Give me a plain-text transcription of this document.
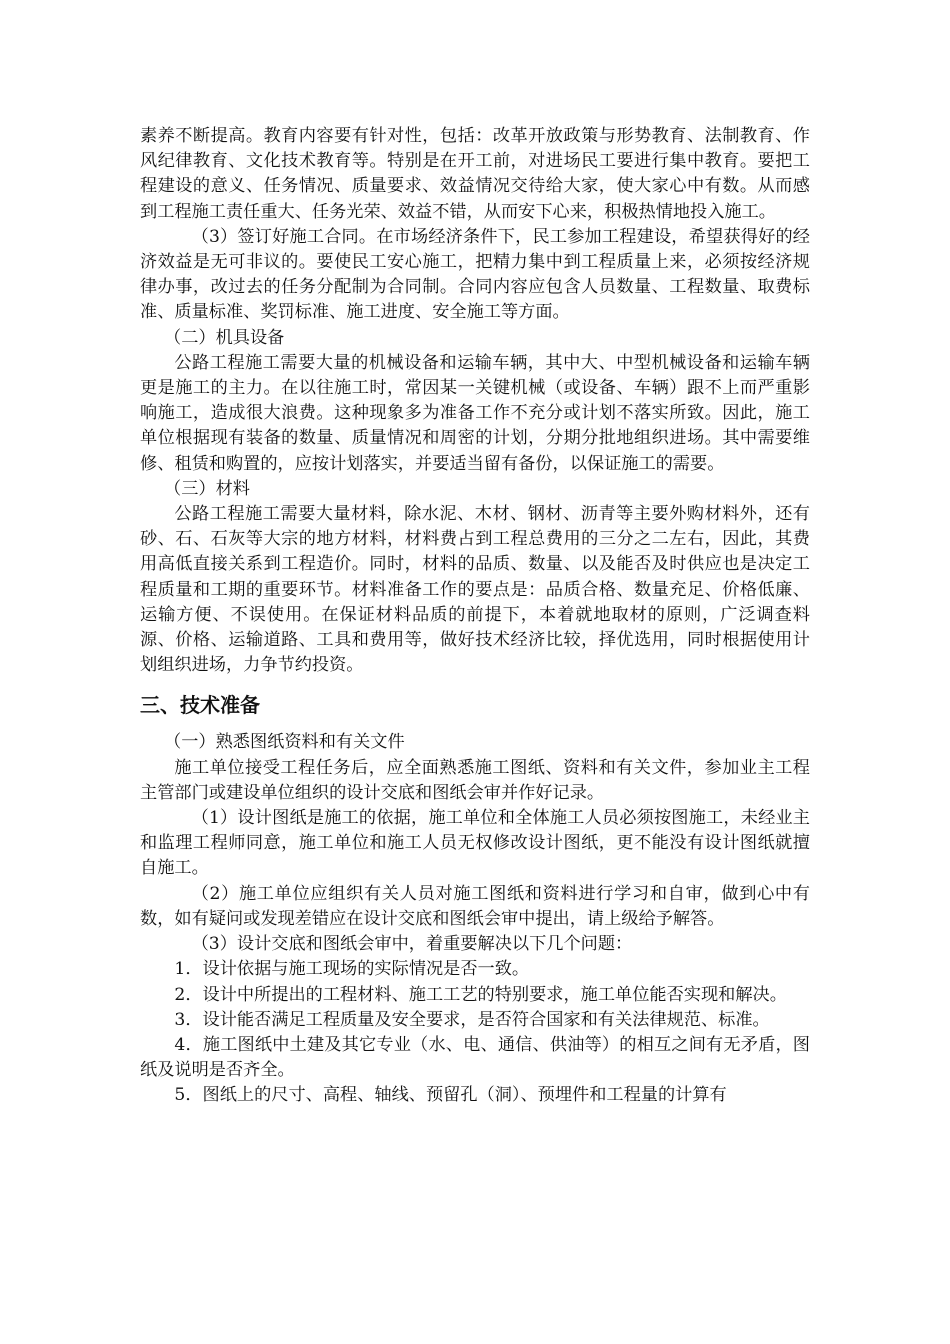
素养不断提高。教育内容要有针对性，包括：改革开放政策与形势教育、法制教育、作风纪律教育、文化技术教育等。特别是在开工前，对进场民工要进行集中教育。要把工程建设的意义、任务情况、质量要求、效益情况交待给大家，使大家心中有数。从而感到工程施工责任重大、任务光荣、效益不错，从而安下心来，积极热情地投入施工。

（3）签订好施工合同。在市场经济条件下，民工参加工程建设，希望获得好的经济效益是无可非议的。要使民工安心施工，把精力集中到工程质量上来，必须按经济规律办事，改过去的任务分配制为合同制。合同内容应包含人员数量、工程数量、取费标准、质量标准、奖罚标准、施工进度、安全施工等方面。

（二）机具设备

公路工程施工需要大量的机械设备和运输车辆，其中大、中型机械设备和运输车辆更是施工的主力。在以往施工时，常因某一关键机械（或设备、车辆）跟不上而严重影响施工，造成很大浪费。这种现象多为准备工作不充分或计划不落实所致。因此，施工单位根据现有装备的数量、质量情况和周密的计划，分期分批地组织进场。其中需要维修、租赁和购置的，应按计划落实，并要适当留有备份，以保证施工的需要。

（三）材料

公路工程施工需要大量材料，除水泥、木材、钢材、沥青等主要外购材料外，还有砂、石、石灰等大宗的地方材料，材料费占到工程总费用的三分之二左右，因此，其费用高低直接关系到工程造价。同时，材料的品质、数量、以及能否及时供应也是决定工程质量和工期的重要环节。材料准备工作的要点是：品质合格、数量充足、价格低廉、运输方便、不误使用。在保证材料品质的前提下，本着就地取材的原则，广泛调查料源、价格、运输道路、工具和费用等，做好技术经济比较，择优选用，同时根据使用计划组织进场，力争节约投资。

三、技术准备

（一）熟悉图纸资料和有关文件

施工单位接受工程任务后，应全面熟悉施工图纸、资料和有关文件，参加业主工程主管部门或建设单位组织的设计交底和图纸会审并作好记录。

（1）设计图纸是施工的依据，施工单位和全体施工人员必须按图施工，未经业主和监理工程师同意，施工单位和施工人员无权修改设计图纸，更不能没有设计图纸就擅自施工。

（2）施工单位应组织有关人员对施工图纸和资料进行学习和自审，做到心中有数，如有疑问或发现差错应在设计交底和图纸会审中提出，请上级给予解答。

（3）设计交底和图纸会审中，着重要解决以下几个问题：

1．设计依据与施工现场的实际情况是否一致。

2．设计中所提出的工程材料、施工工艺的特别要求，施工单位能否实现和解决。

3．设计能否满足工程质量及安全要求，是否符合国家和有关法律规范、标准。

4．施工图纸中土建及其它专业（水、电、通信、供油等）的相互之间有无矛盾，图纸及说明是否齐全。

5．图纸上的尺寸、高程、轴线、预留孔（洞）、预埋件和工程量的计算有
